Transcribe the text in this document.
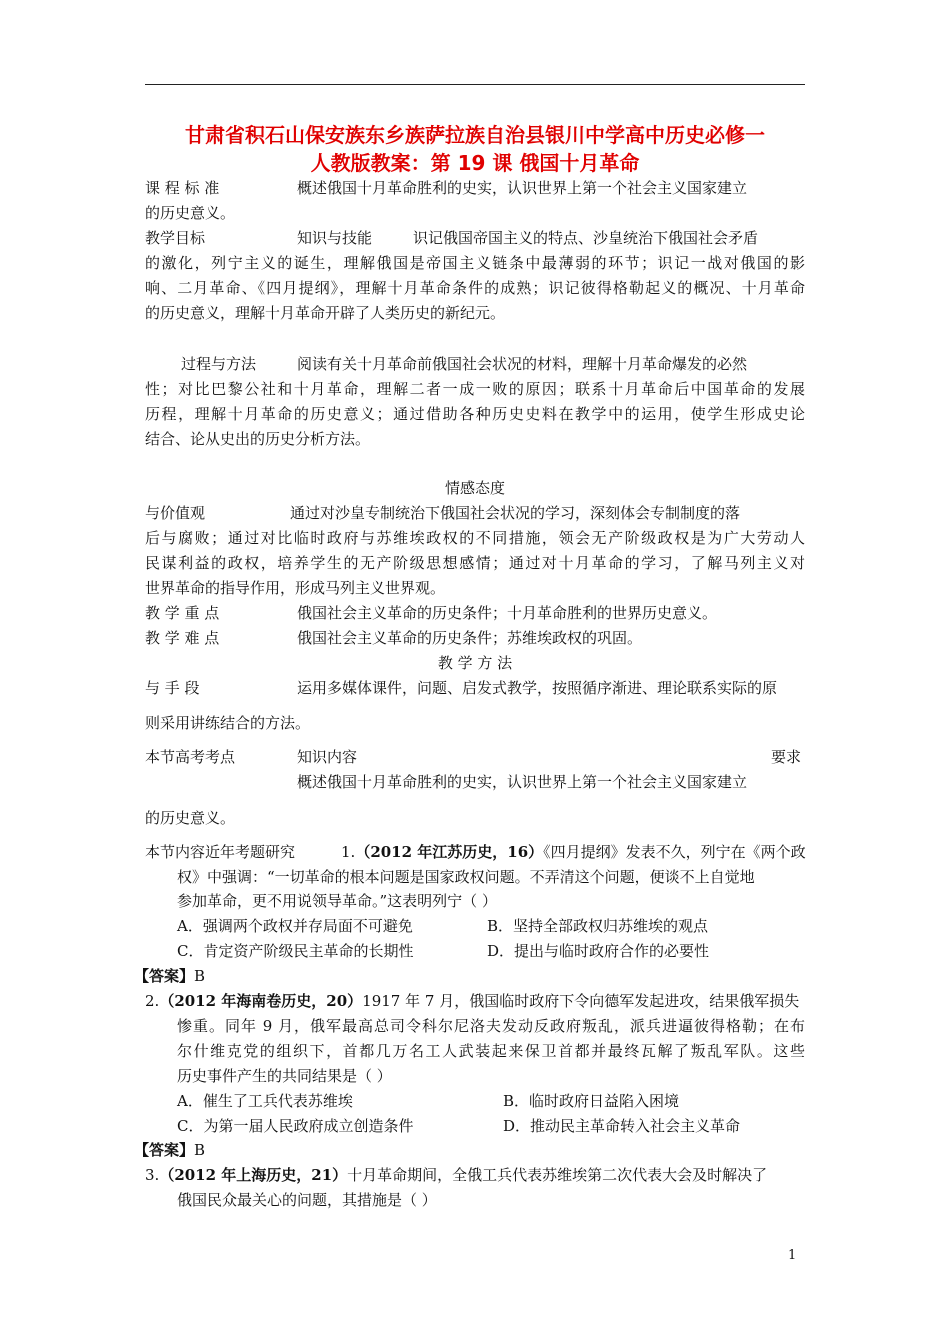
甘肃省积石山保安族东乡族萨拉族自治县银川中学高中历史必修一
人教版教案：第 19 课 俄国十月革命
课 程 标 准	概述俄国十月革命胜利的史实，认识世界上第一个社会主义国家建立
的历史意义。
教学目标	知识与技能	识记俄国帝国主义的特点、沙皇统治下俄国社会矛盾
的激化，列宁主义的诞生，理解俄国是帝国主义链条中最薄弱的环节；识记一战对俄国的影
响、二月革命、《四月提纲》，理解十月革命条件的成熟；识记彼得格勒起义的概况、十月革命
的历史意义，理解十月革命开辟了人类历史的新纪元。
过程与方法	阅读有关十月革命前俄国社会状况的材料，理解十月革命爆发的必然
性；对比巴黎公社和十月革命，理解二者一成一败的原因；联系十月革命后中国革命的发展
历程，理解十月革命的历史意义；通过借助各种历史史料在教学中的运用，使学生形成史论
结合、论从史出的历史分析方法。
情感态度
与价值观	通过对沙皇专制统治下俄国社会状况的学习，深刻体会专制制度的落
后与腐败；通过对比临时政府与苏维埃政权的不同措施，领会无产阶级政权是为广大劳动人
民谋利益的政权，培养学生的无产阶级思想感情；通过对十月革命的学习，了解马列主义对
世界革命的指导作用，形成马列主义世界观。
教 学 重 点	俄国社会主义革命的历史条件；十月革命胜利的世界历史意义。
教 学 难 点	俄国社会主义革命的历史条件；苏维埃政权的巩固。
教 学 方 法
与 手 段	运用多媒体课件，问题、启发式教学，按照循序渐进、理论联系实际的原
则采用讲练结合的方法。
本节高考考点	知识内容	要求
概述俄国十月革命胜利的史实，认识世界上第一个社会主义国家建立
的历史意义。
本节内容近年考题研究	1.（2012 年江苏历史，16）《四月提纲》发表不久，列宁在《两个政
权》中强调：“一切革命的根本问题是国家政权问题。不弄清这个问题，便谈不上自觉地
参加革命，更不用说领导革命。”这表明列宁（ ）
A．强调两个政权并存局面不可避免	B．坚持全部政权归苏维埃的观点
C．肯定资产阶级民主革命的长期性	D．提出与临时政府合作的必要性
【答案】B
2.（2012 年海南卷历史，20）1917 年 7 月，俄国临时政府下令向德军发起进攻，结果俄军损失
惨重。同年 9 月，俄军最高总司令科尔尼洛夫发动反政府叛乱，派兵进逼彼得格勒；在布
尔什维克党的组织下，首都几万名工人武装起来保卫首都并最终瓦解了叛乱军队。这些
历史事件产生的共同结果是（ ）
A．催生了工兵代表苏维埃	B．临时政府日益陷入困境
C．为第一届人民政府成立创造条件	D．推动民主革命转入社会主义革命
【答案】B
3.（2012 年上海历史，21）十月革命期间，全俄工兵代表苏维埃第二次代表大会及时解决了
俄国民众最关心的问题，其措施是（ ）
1
